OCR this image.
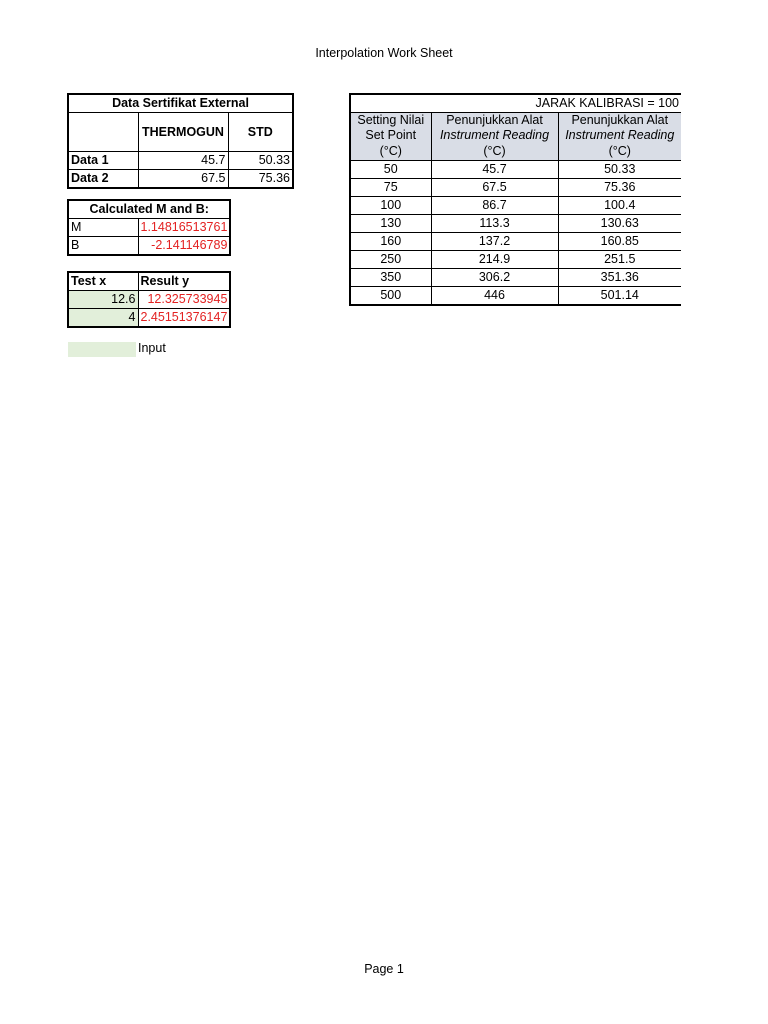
Interpolation Work Sheet
Data Sertifikat External		
	THERMOGUN	STD
Data 1	45.7	50.33
Data 2	67.5	75.36
Calculated M and B:	
M	1.14816513761
B	-2.141146789
Test x	Result y
12.6	12.325733945
4	2.45151376147
Input
JARAK KALIBRASI = 100		
Setting Nilai	Penunjukkan Alat	Penunjukkan Alat
Set Point	Instrument Reading	Instrument Reading
(°C)	(°C)	(°C)
50	45.7	50.33
75	67.5	75.36
100	86.7	100.4
130	113.3	130.63
160	137.2	160.85
250	214.9	251.5
350	306.2	351.36
500	446	501.14
Page 1
